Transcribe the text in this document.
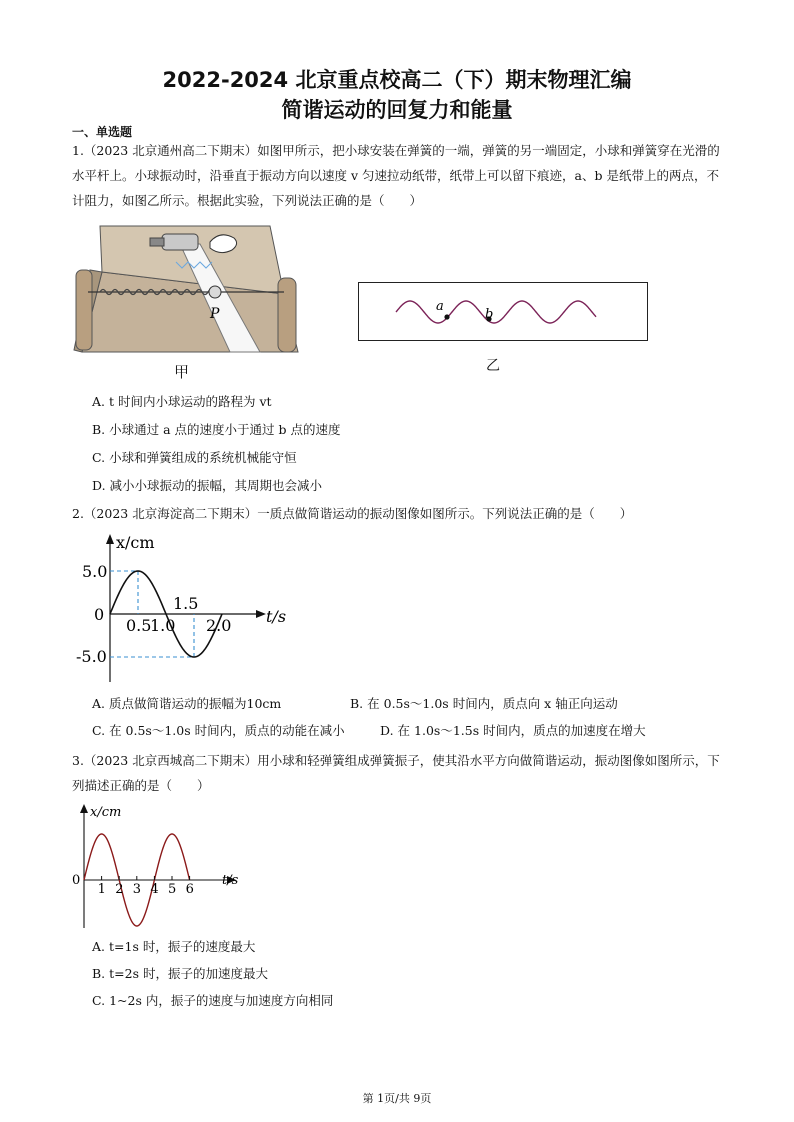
2022-2024 北京重点校高二（下）期末物理汇编
简谐运动的回复力和能量
一、单选题
1.（2023 北京通州高二下期末）如图甲所示，把小球安装在弹簧的一端，弹簧的另一端固定，小球和弹簧穿在光滑的水平杆上。小球振动时，沿垂直于振动方向以速度 v 匀速拉动纸带，纸带上可以留下痕迹，a、b 是纸带上的两点，不计阻力，如图乙所示。根据此实验，下列说法正确的是（　　）
P
甲
a
b
乙
A. t 时间内小球运动的路程为 vt
B. 小球通过 a 点的速度小于通过 b 点的速度
C. 小球和弹簧组成的系统机械能守恒
D. 减小小球振动的振幅，其周期也会减小
2.（2023 北京海淀高二下期末）一质点做简谐运动的振动图像如图所示。下列说法正确的是（　　）
x/cm
t/s
5.0
0
-5.0
0.5
1.0
1.5
2.0
A. 质点做简谐运动的振幅为10cm	B. 在 0.5s～1.0s 时间内，质点向 x 轴正向运动
C. 在 0.5s～1.0s 时间内，质点的动能在减小	D. 在 1.0s～1.5s 时间内，质点的加速度在增大
3.（2023 北京西城高二下期末）用小球和轻弹簧组成弹簧振子，使其沿水平方向做简谐运动，振动图像如图所示，下列描述正确的是（　　）
1 2 3 4 5 6
x/cm
t/s
0
A. t=1s 时，振子的速度最大
B. t=2s 时，振子的加速度最大
C. 1~2s 内，振子的速度与加速度方向相同
第 1页/共 9页
